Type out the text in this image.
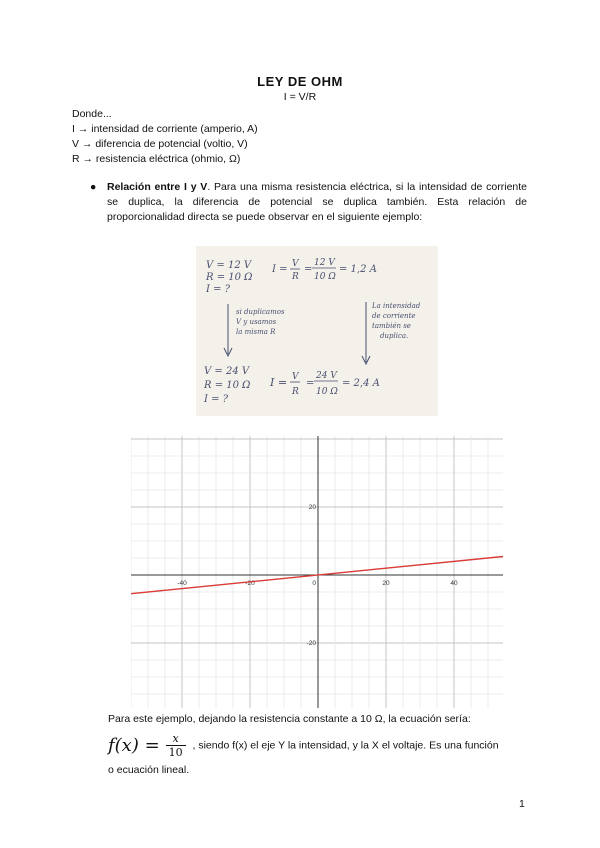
LEY DE OHM
I = V/R
Donde...
I → intensidad de corriente (amperio, A)
V → diferencia de potencial (voltio, V)
R → resistencia eléctrica (ohmio, Ω)
● Relación entre I y V. Para una misma resistencia eléctrica, si la intensidad de corriente se duplica, la diferencia de potencial se duplica también. Esta relación de proporcionalidad directa se puede observar en el siguiente ejemplo:
V = 12 V
R = 10 Ω
I = ?
I = V
R
=
12 V
10 Ω
= 1,2 A
si duplicamos
V y usamos
la misma R
La intensidad
de corriente
también se
duplica.
V = 24 V
R = 10 Ω
I = ?
I = V
R
=
24 V
10 Ω
= 2,4 A
-40	-20	20	40
20
-20
0
Para este ejemplo, dejando la resistencia constante a 10 Ω, la ecuación sería:
$f(x) = \frac{x}{10}$ , siendo f(x) el eje Y la intensidad, y la X el voltaje. Es una función
o ecuación lineal.
1
